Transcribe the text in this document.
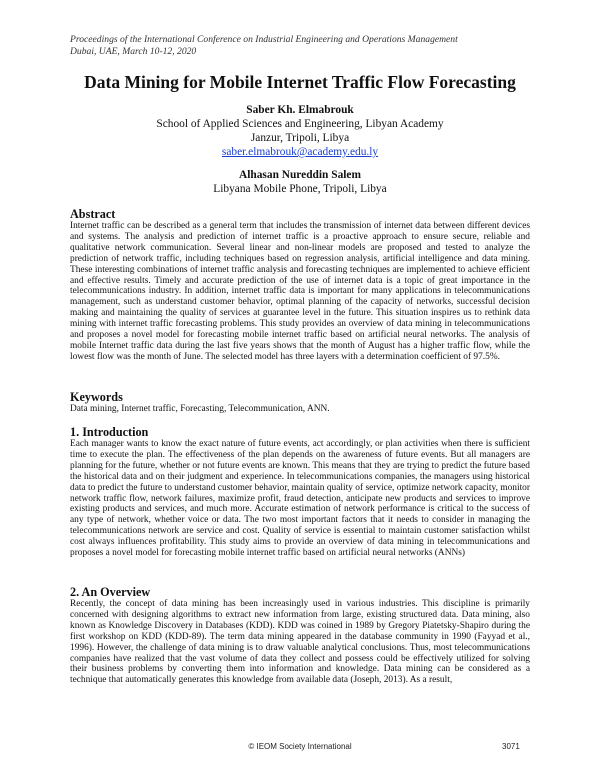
Proceedings of the International Conference on Industrial Engineering and Operations Management
Dubai, UAE, March 10-12, 2020
Data Mining for Mobile Internet Traffic Flow Forecasting
Saber Kh. Elmabrouk
School of Applied Sciences and Engineering, Libyan Academy
Janzur, Tripoli, Libya
saber.elmabrouk@academy.edu.ly
Alhasan Nureddin Salem
Libyana Mobile Phone, Tripoli, Libya
Abstract
Internet traffic can be described as a general term that includes the transmission of internet data between different devices and systems. The analysis and prediction of internet traffic is a proactive approach to ensure secure, reliable and qualitative network communication. Several linear and non-linear models are proposed and tested to analyze the prediction of network traffic, including techniques based on regression analysis, artificial intelligence and data mining. These interesting combinations of internet traffic analysis and forecasting techniques are implemented to achieve efficient and effective results. Timely and accurate prediction of the use of internet data is a topic of great importance in the telecommunications industry. In addition, internet traffic data is important for many applications in telecommunications management, such as understand customer behavior, optimal planning of the capacity of networks, successful decision making and maintaining the quality of services at guarantee level in the future. This situation inspires us to rethink data mining with internet traffic forecasting problems. This study provides an overview of data mining in telecommunications and proposes a novel model for forecasting mobile internet traffic based on artificial neural networks. The analysis of mobile Internet traffic data during the last five years shows that the month of August has a higher traffic flow, while the lowest flow was the month of June. The selected model has three layers with a determination coefficient of 97.5%.
Keywords
Data mining, Internet traffic, Forecasting, Telecommunication, ANN.
1. Introduction
Each manager wants to know the exact nature of future events, act accordingly, or plan activities when there is sufficient time to execute the plan. The effectiveness of the plan depends on the awareness of future events. But all managers are planning for the future, whether or not future events are known. This means that they are trying to predict the future based the historical data and on their judgment and experience. In telecommunications companies, the managers using historical data to predict the future to understand customer behavior, maintain quality of service, optimize network capacity, monitor network traffic flow, network failures, maximize profit, fraud detection, anticipate new products and services to improve existing products and services, and much more. Accurate estimation of network performance is critical to the success of any type of network, whether voice or data. The two most important factors that it needs to consider in managing the telecommunications network are service and cost. Quality of service is essential to maintain customer satisfaction whilst cost always influences profitability. This study aims to provide an overview of data mining in telecommunications and proposes a novel model for forecasting mobile internet traffic based on artificial neural networks (ANNs)
2. An Overview
Recently, the concept of data mining has been increasingly used in various industries. This discipline is primarily concerned with designing algorithms to extract new information from large, existing structured data. Data mining, also known as Knowledge Discovery in Databases (KDD). KDD was coined in 1989 by Gregory Piatetsky-Shapiro during the first workshop on KDD (KDD-89). The term data mining appeared in the database community in 1990 (Fayyad et al., 1996). However, the challenge of data mining is to draw valuable analytical conclusions. Thus, most telecommunications companies have realized that the vast volume of data they collect and possess could be effectively utilized for solving their business problems by converting them into information and knowledge. Data mining can be considered as a technique that automatically generates this knowledge from available data (Joseph, 2013). As a result,
© IEOM Society International	3071
